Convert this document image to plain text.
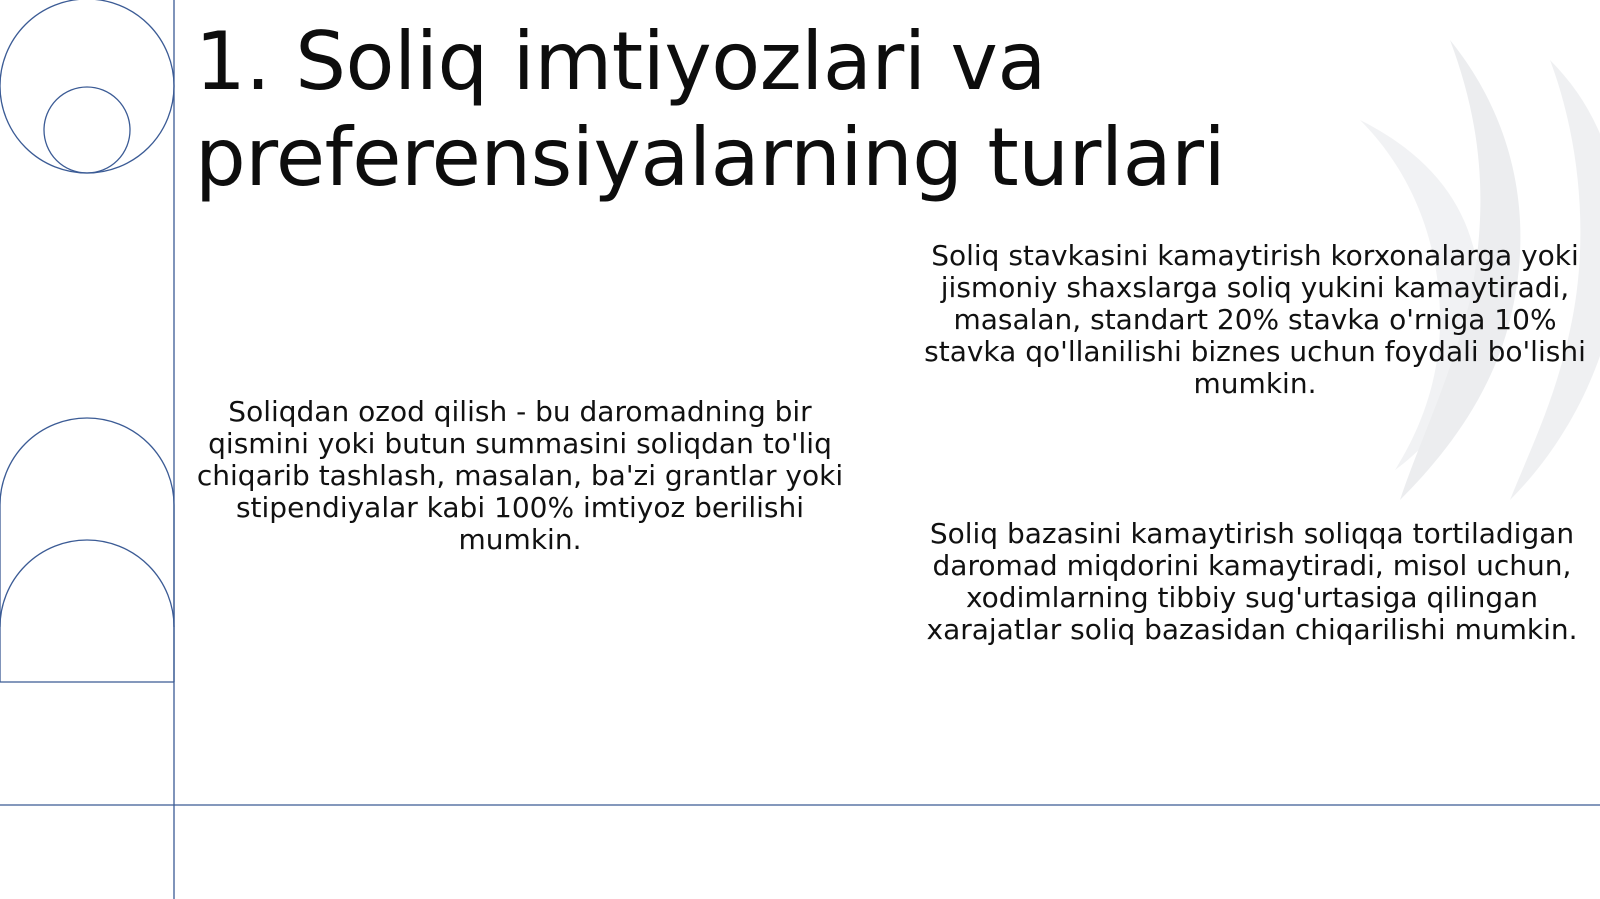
1. Soliq imtiyozlari va
preferensiyalarning turlari
Soliqdan ozod qilish - bu daromadning bir qismini yoki butun summasini soliqdan to'liq chiqarib tashlash, masalan, ba'zi grantlar yoki stipendiyalar kabi 100% imtiyoz berilishi mumkin.
Soliq stavkasini kamaytirish korxonalarga yoki jismoniy shaxslarga soliq yukini kamaytiradi, masalan, standart 20% stavka o'rniga 10% stavka qo'llanilishi biznes uchun foydali bo'lishi mumkin.
Soliq bazasini kamaytirish soliqqa tortiladigan daromad miqdorini kamaytiradi, misol uchun, xodimlarning tibbiy sug'urtasiga qilingan xarajatlar soliq bazasidan chiqarilishi mumkin.
